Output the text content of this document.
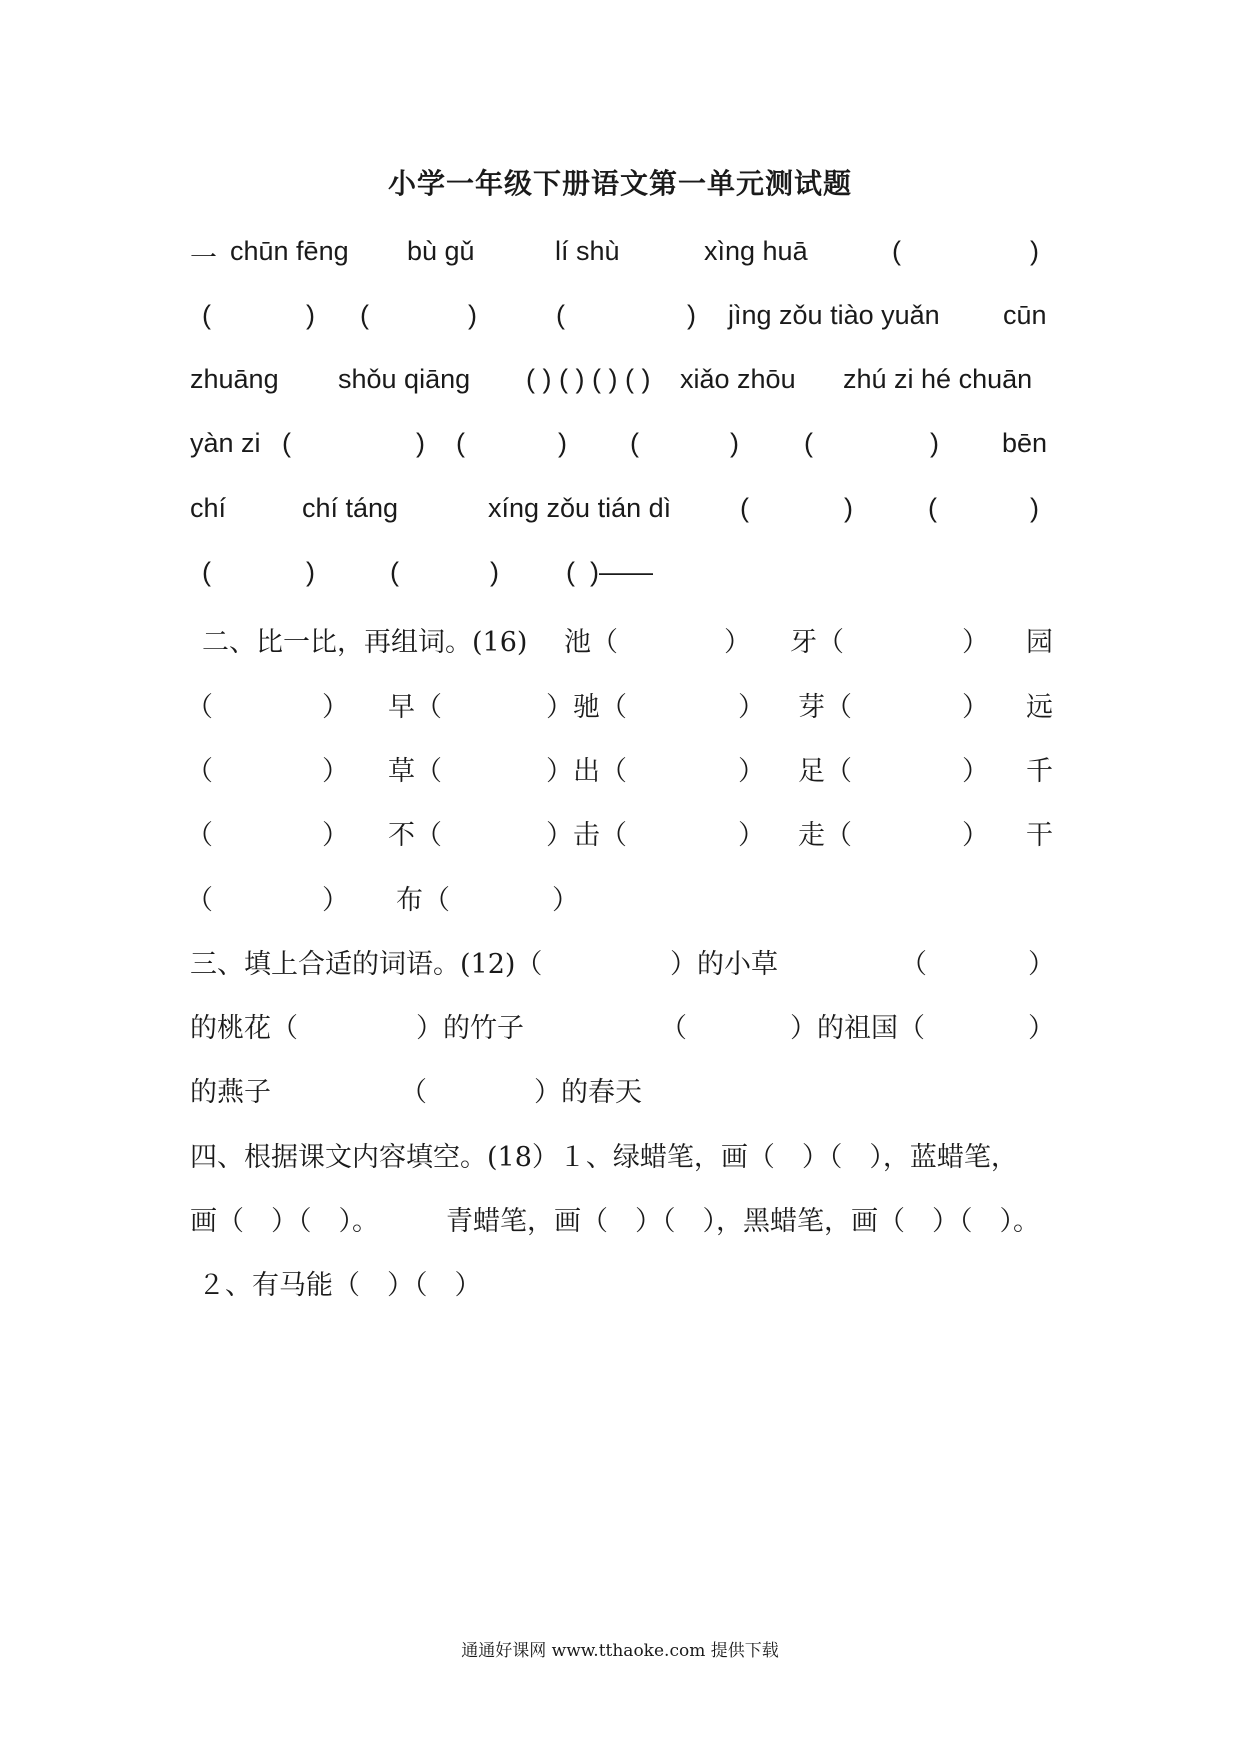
小学一年级下册语文第一单元测试题
一 chūn fēng bù gǔ	lí shù	xìng huā	(	)
(	) (	)	(	) jìng zǒu tiào yuǎn cūn
zhuāng shǒu qiāng ( ) ( ) ( ) ( ) xiǎo zhōu zhú zi hé chuān
yàn zi (	) (	) (	) (	) bēn
chí	chí táng	xíng zǒu tián dì	(	)	(	)
(	)	(	) (  )——
二、比一比，再组词。(16) 池（	） 牙（	） 园
（	） 早（	）驰（	） 芽（	） 远
（	） 草（	）出（	） 足（	） 千
（	） 不（	）击（	） 走（	） 干
（	） 布（	）
三、填上合适的词语。(12)（	）的小草	（	）
的桃花（	）的竹子	（	）的祖国（	）
的燕子	（	）的春天
四、根据课文内容填空。(18）１、绿蜡笔，画（　）（　），蓝蜡笔，
画（　）（　）。 青蜡笔，画（　）（　），黑蜡笔，画（　）（　）。
２、有马能（　）（　）
通通好课网 www.tthaoke.com 提供下载
